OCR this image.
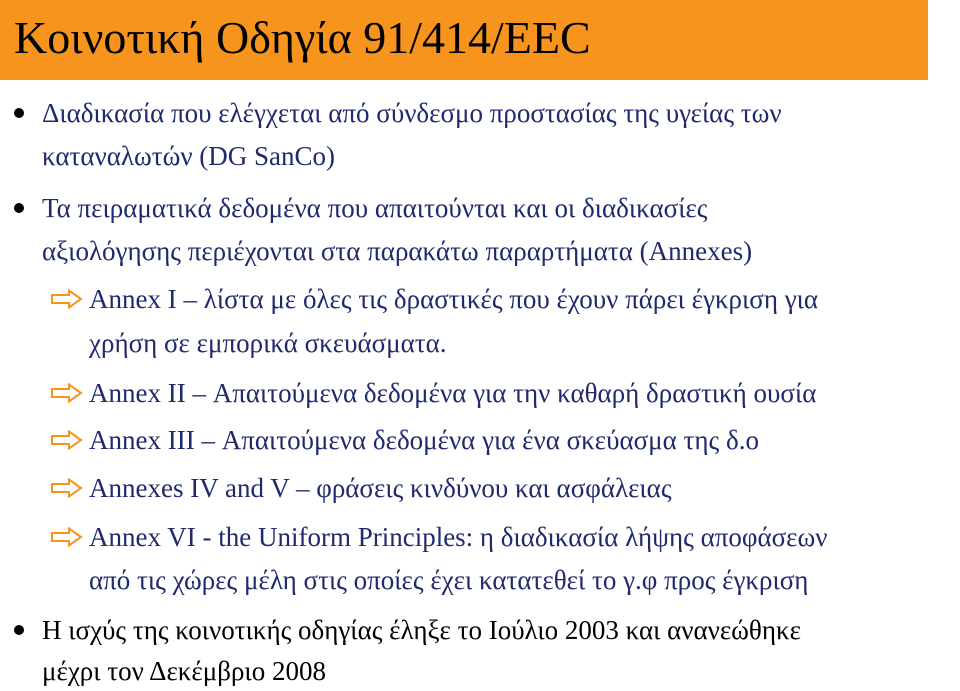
Κοινοτική Οδηγία 91/414/ΕΕC
Διαδικασία που ελέγχεται από σύνδεσμο προστασίας της υγείας των
καταναλωτών (DG SanCo)
Τα πειραματικά δεδομένα που απαιτούνται και οι διαδικασίες
αξιολόγησης περιέχονται στα παρακάτω παραρτήματα (Annexes)
Annex I – λίστα με όλες τις δραστικές που έχουν πάρει έγκριση για
χρήση σε εμπορικά σκευάσματα.
Annex II – Απαιτούμενα δεδομένα για την καθαρή δραστική ουσία
Annex III – Απαιτούμενα δεδομένα για ένα σκεύασμα της δ.ο
Annexes IV and V – φράσεις κινδύνου και ασφάλειας
Annex VI - the Uniform Principles: η διαδικασία λήψης αποφάσεων
από τις χώρες μέλη στις οποίες έχει κατατεθεί το γ.φ προς έγκριση
Η ισχύς της κοινοτικής οδηγίας έληξε το Ιούλιο 2003 και ανανεώθηκε
μέχρι τον Δεκέμβριο 2008
